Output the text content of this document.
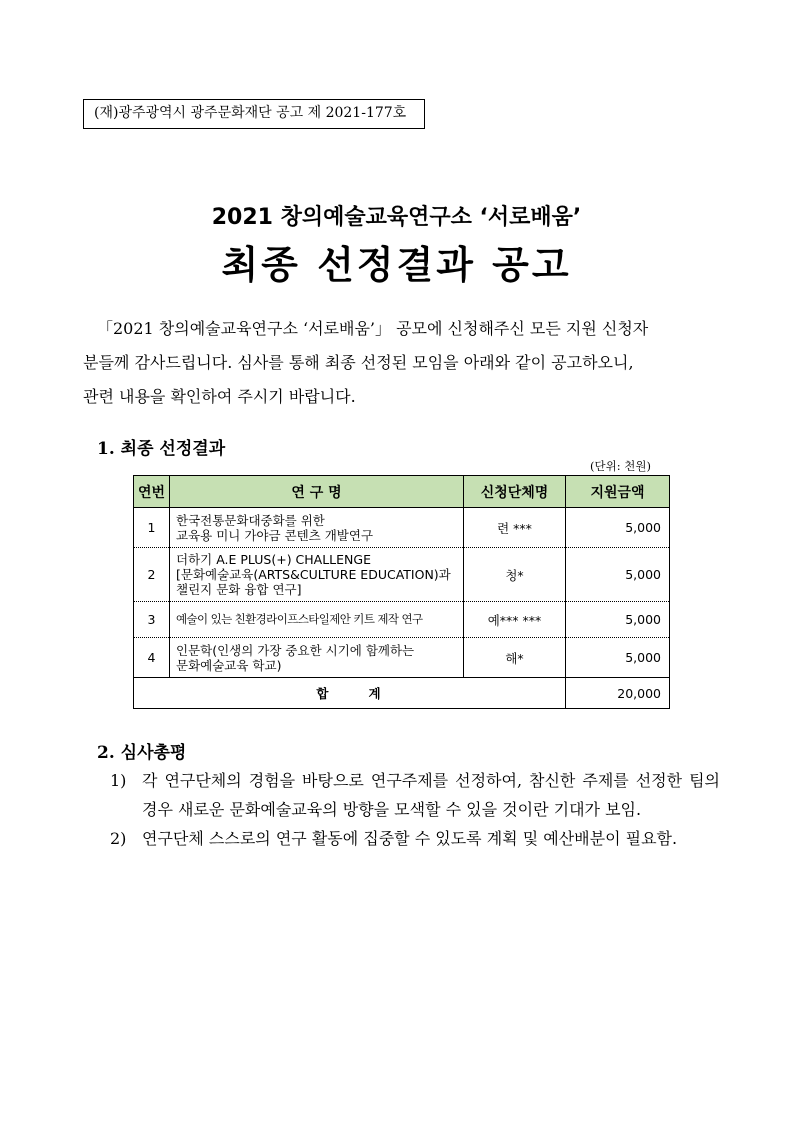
(재)광주광역시 광주문화재단 공고 제 2021-177호
2021 창의예술교육연구소 ‘서로배움’
최종 선정결과 공고

「2021 창의예술교육연구소 ‘서로배움’」 공모에 신청해주신 모든 지원 신청자

분들께 감사드립니다. 심사를 통해 최종 선정된 모임을 아래와 같이 공고하오니,

관련 내용을 확인하여 주시기 바랍니다.

1. 최종 선정결과
(단위: 천원)
연번	연 구 명	신청단체명	지원금액
1	한국전통문화대중화를 위한
교육용 미니 가야금 콘텐츠 개발연구	련 ***	5,000
2	더하기 A.E PLUS(+) CHALLENGE
[문화예술교육(ARTS&CULTURE EDUCATION)과
챌린지 문화 융합 연구]	청*	5,000
3	예술이 있는 친환경라이프스타일제안 키트 제작 연구	예*** ***	5,000
4	인문학(인생의 가장 중요한 시기에 함께하는
문화예술교육 학교)	해*	5,000
합      계			20,000
2. 심사총평
1) 각 연구단체의 경험을 바탕으로 연구주제를 선정하여, 참신한 주제를 선정한 팀의 경우 새로운 문화예술교육의 방향을 모색할 수 있을 것이란 기대가 보임.
2) 연구단체 스스로의 연구 활동에 집중할 수 있도록 계획 및 예산배분이 필요함.
